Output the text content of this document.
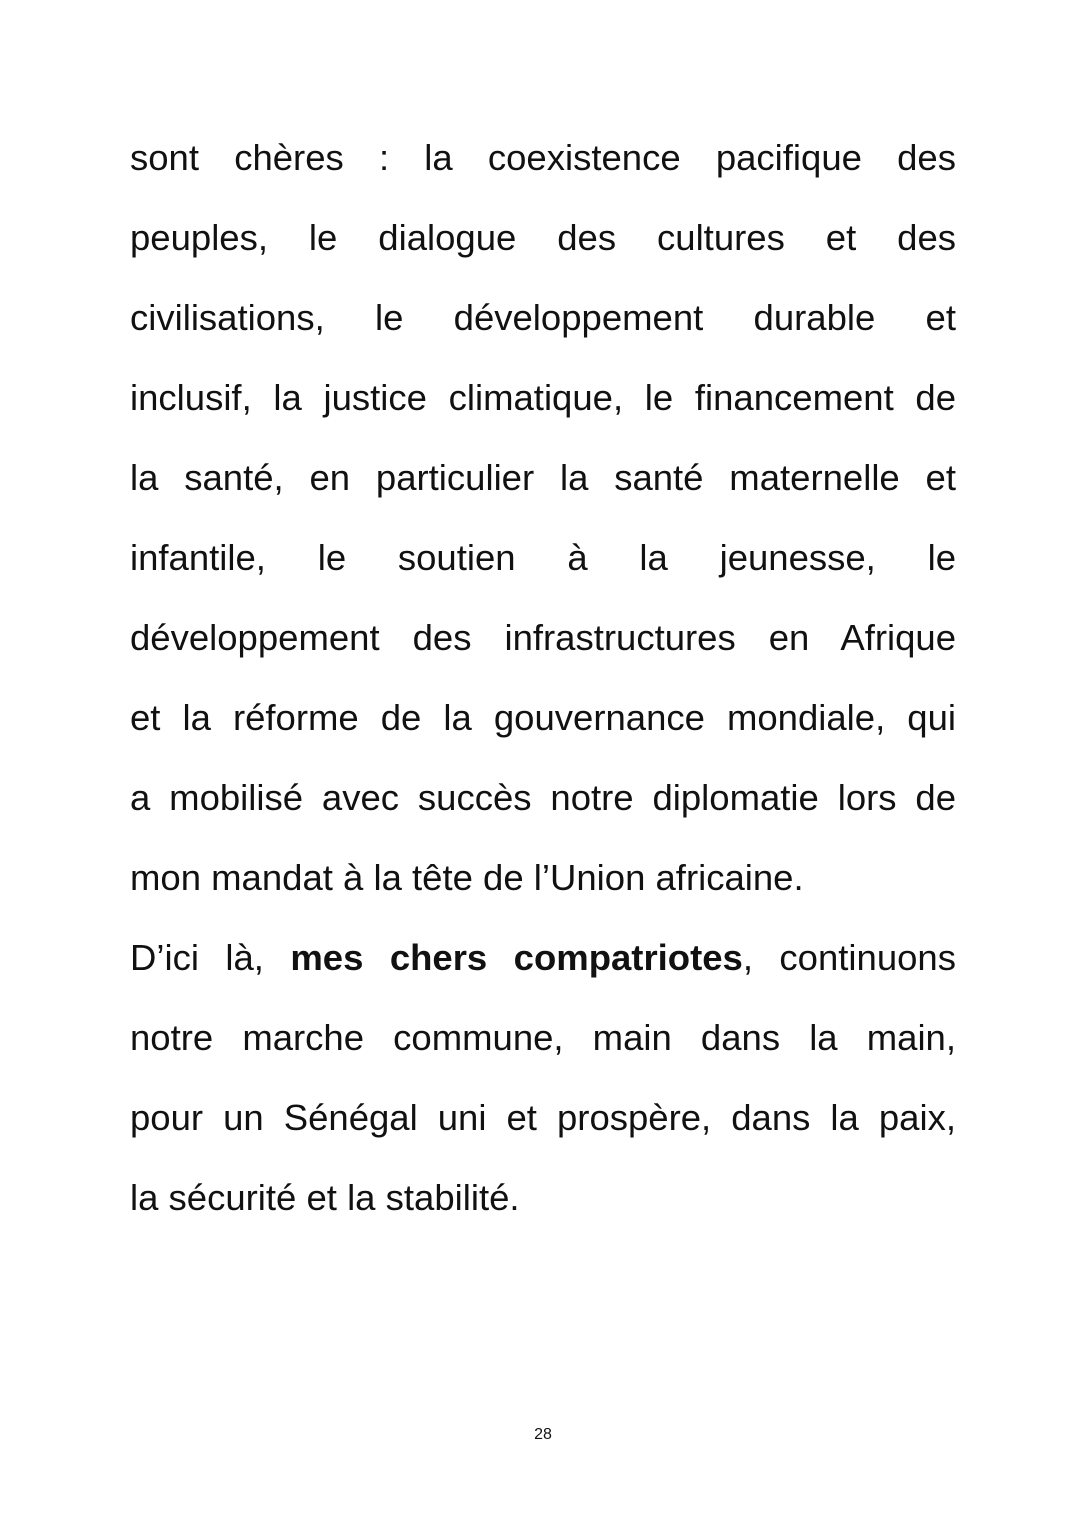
sont chères : la coexistence pacifique des
peuples, le dialogue des cultures et des
civilisations, le développement durable et
inclusif, la justice climatique, le financement de
la santé, en particulier la santé maternelle et
infantile, le soutien à la jeunesse, le
développement des infrastructures en Afrique
et la réforme de la gouvernance mondiale, qui
a mobilisé avec succès notre diplomatie lors de
mon mandat à la tête de l’Union africaine.
D’ici là, mes chers compatriotes, continuons
notre marche commune, main dans la main,
pour un Sénégal uni et prospère, dans la paix,
la sécurité et la stabilité.
28
